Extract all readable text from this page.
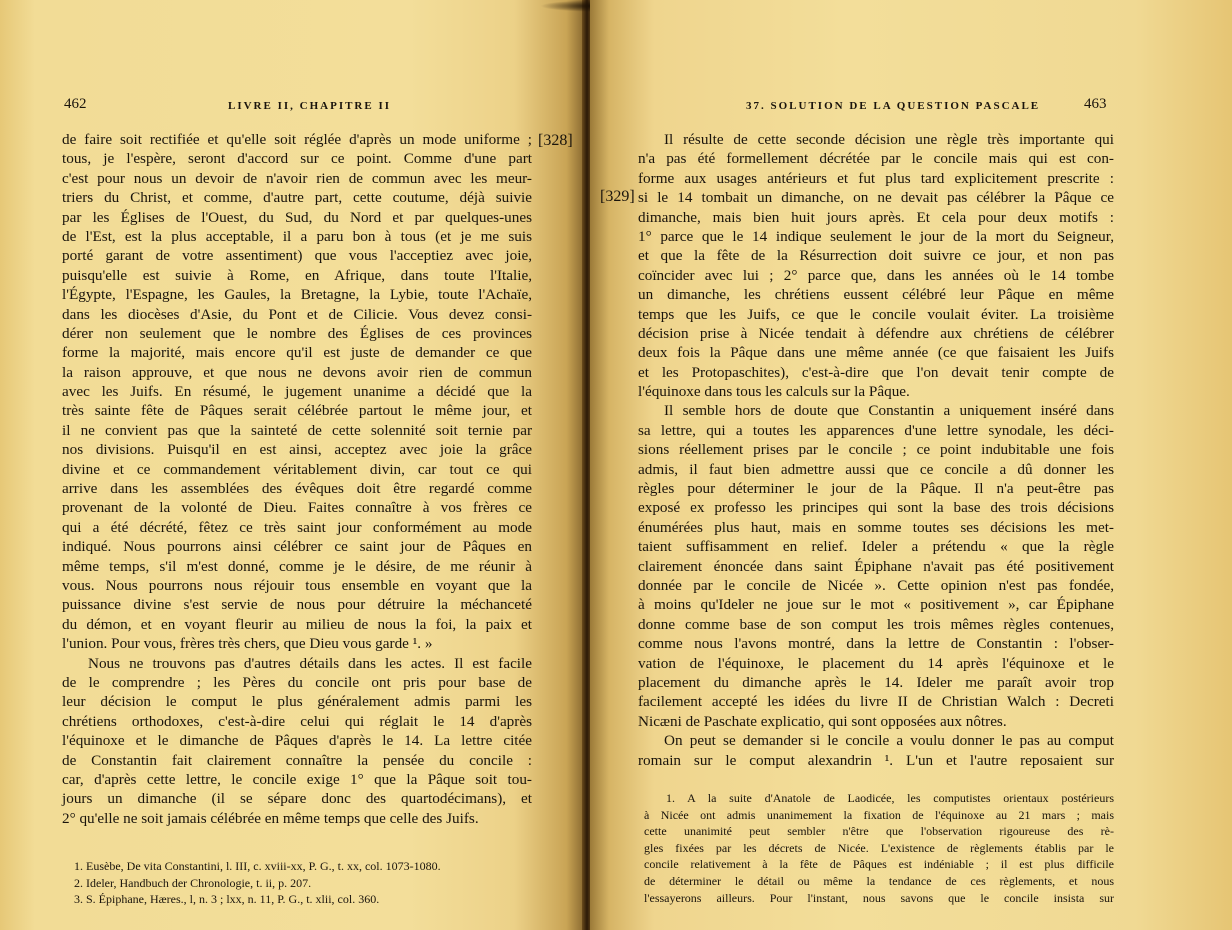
462	LIVRE II, CHAPITRE II
de faire soit rectifiée et qu'elle soit réglée d'après un mode uniforme ;
tous, je l'espère, seront d'accord sur ce point. Comme d'une part
c'est pour nous un devoir de n'avoir rien de commun avec les meur-
triers du Christ, et comme, d'autre part, cette coutume, déjà suivie
par les Églises de l'Ouest, du Sud, du Nord et par quelques-unes
de l'Est, est la plus acceptable, il a paru bon à tous (et je me suis
porté garant de votre assentiment) que vous l'acceptiez avec joie,
puisqu'elle est suivie à Rome, en Afrique, dans toute l'Italie,
l'Égypte, l'Espagne, les Gaules, la Bretagne, la Lybie, toute l'Achaïe,
dans les diocèses d'Asie, du Pont et de Cilicie. Vous devez consi-
dérer non seulement que le nombre des Églises de ces provinces
forme la majorité, mais encore qu'il est juste de demander ce que
la raison approuve, et que nous ne devons avoir rien de commun
avec les Juifs. En résumé, le jugement unanime a décidé que la
très sainte fête de Pâques serait célébrée partout le même jour, et
il ne convient pas que la sainteté de cette solennité soit ternie par
nos divisions. Puisqu'il en est ainsi, acceptez avec joie la grâce
divine et ce commandement véritablement divin, car tout ce qui
arrive dans les assemblées des évêques doit être regardé comme
provenant de la volonté de Dieu. Faites connaître à vos frères ce
qui a été décrété, fêtez ce très saint jour conformément au mode
indiqué. Nous pourrons ainsi célébrer ce saint jour de Pâques en
même temps, s'il m'est donné, comme je le désire, de me réunir à
vous. Nous pourrons nous réjouir tous ensemble en voyant que la
puissance divine s'est servie de nous pour détruire la méchanceté
du démon, et en voyant fleurir au milieu de nous la foi, la paix et
l'union. Pour vous, frères très chers, que Dieu vous garde ¹. »
Nous ne trouvons pas d'autres détails dans les actes. Il est facile
de le comprendre ; les Pères du concile ont pris pour base de
leur décision le comput le plus généralement admis parmi les
chrétiens orthodoxes, c'est-à-dire celui qui réglait le 14 d'après
l'équinoxe et le dimanche de Pâques d'après le 14. La lettre citée
de Constantin fait clairement connaître la pensée du concile :
car, d'après cette lettre, le concile exige 1° que la Pâque soit tou-
jours un dimanche (il se sépare donc des quartodécimans), et
2° qu'elle ne soit jamais célébrée en même temps que celle des Juifs.
1. Eusèbe, De vita Constantini, l. III, c. xviii-xx, P. G., t. xx, col. 1073-1080.
2. Ideler, Handbuch der Chronologie, t. ii, p. 207.
3. S. Épiphane, Hæres., l, n. 3 ; lxx, n. 11, P. G., t. xlii, col. 360.
[328]
[329]
37. SOLUTION DE LA QUESTION PASCALE	463
Il résulte de cette seconde décision une règle très importante qui
n'a pas été formellement décrétée par le concile mais qui est con-
forme aux usages antérieurs et fut plus tard explicitement prescrite :
si le 14 tombait un dimanche, on ne devait pas célébrer la Pâque ce
dimanche, mais bien huit jours après. Et cela pour deux motifs :
1° parce que le 14 indique seulement le jour de la mort du Seigneur,
et que la fête de la Résurrection doit suivre ce jour, et non pas
coïncider avec lui ; 2° parce que, dans les années où le 14 tombe
un dimanche, les chrétiens eussent célébré leur Pâque en même
temps que les Juifs, ce que le concile voulait éviter. La troisième
décision prise à Nicée tendait à défendre aux chrétiens de célébrer
deux fois la Pâque dans une même année (ce que faisaient les Juifs
et les Protopaschites), c'est-à-dire que l'on devait tenir compte de
l'équinoxe dans tous les calculs sur la Pâque.
Il semble hors de doute que Constantin a uniquement inséré dans
sa lettre, qui a toutes les apparences d'une lettre synodale, les déci-
sions réellement prises par le concile ; ce point indubitable une fois
admis, il faut bien admettre aussi que ce concile a dû donner les
règles pour déterminer le jour de la Pâque. Il n'a peut-être pas
exposé ex professo les principes qui sont la base des trois décisions
énumérées plus haut, mais en somme toutes ses décisions les met-
taient suffisamment en relief. Ideler a prétendu « que la règle
clairement énoncée dans saint Épiphane n'avait pas été positivement
donnée par le concile de Nicée ». Cette opinion n'est pas fondée,
à moins qu'Ideler ne joue sur le mot « positivement », car Épiphane
donne comme base de son comput les trois mêmes règles contenues,
comme nous l'avons montré, dans la lettre de Constantin : l'obser-
vation de l'équinoxe, le placement du 14 après l'équinoxe et le
placement du dimanche après le 14. Ideler me paraît avoir trop
facilement accepté les idées du livre II de Christian Walch : Decreti
Nicæni de Paschate explicatio, qui sont opposées aux nôtres.
On peut se demander si le concile a voulu donner le pas au comput
romain sur le comput alexandrin ¹. L'un et l'autre reposaient sur
1. A la suite d'Anatole de Laodicée, les computistes orientaux postérieurs
à Nicée ont admis unanimement la fixation de l'équinoxe au 21 mars ; mais
cette unanimité peut sembler n'être que l'observation rigoureuse des rè-
gles fixées par les décrets de Nicée. L'existence de règlements établis par le
concile relativement à la fête de Pâques est indéniable ; il est plus difficile
de déterminer le détail ou même la tendance de ces règlements, et nous
l'essayerons ailleurs. Pour l'instant, nous savons que le concile insista sur
